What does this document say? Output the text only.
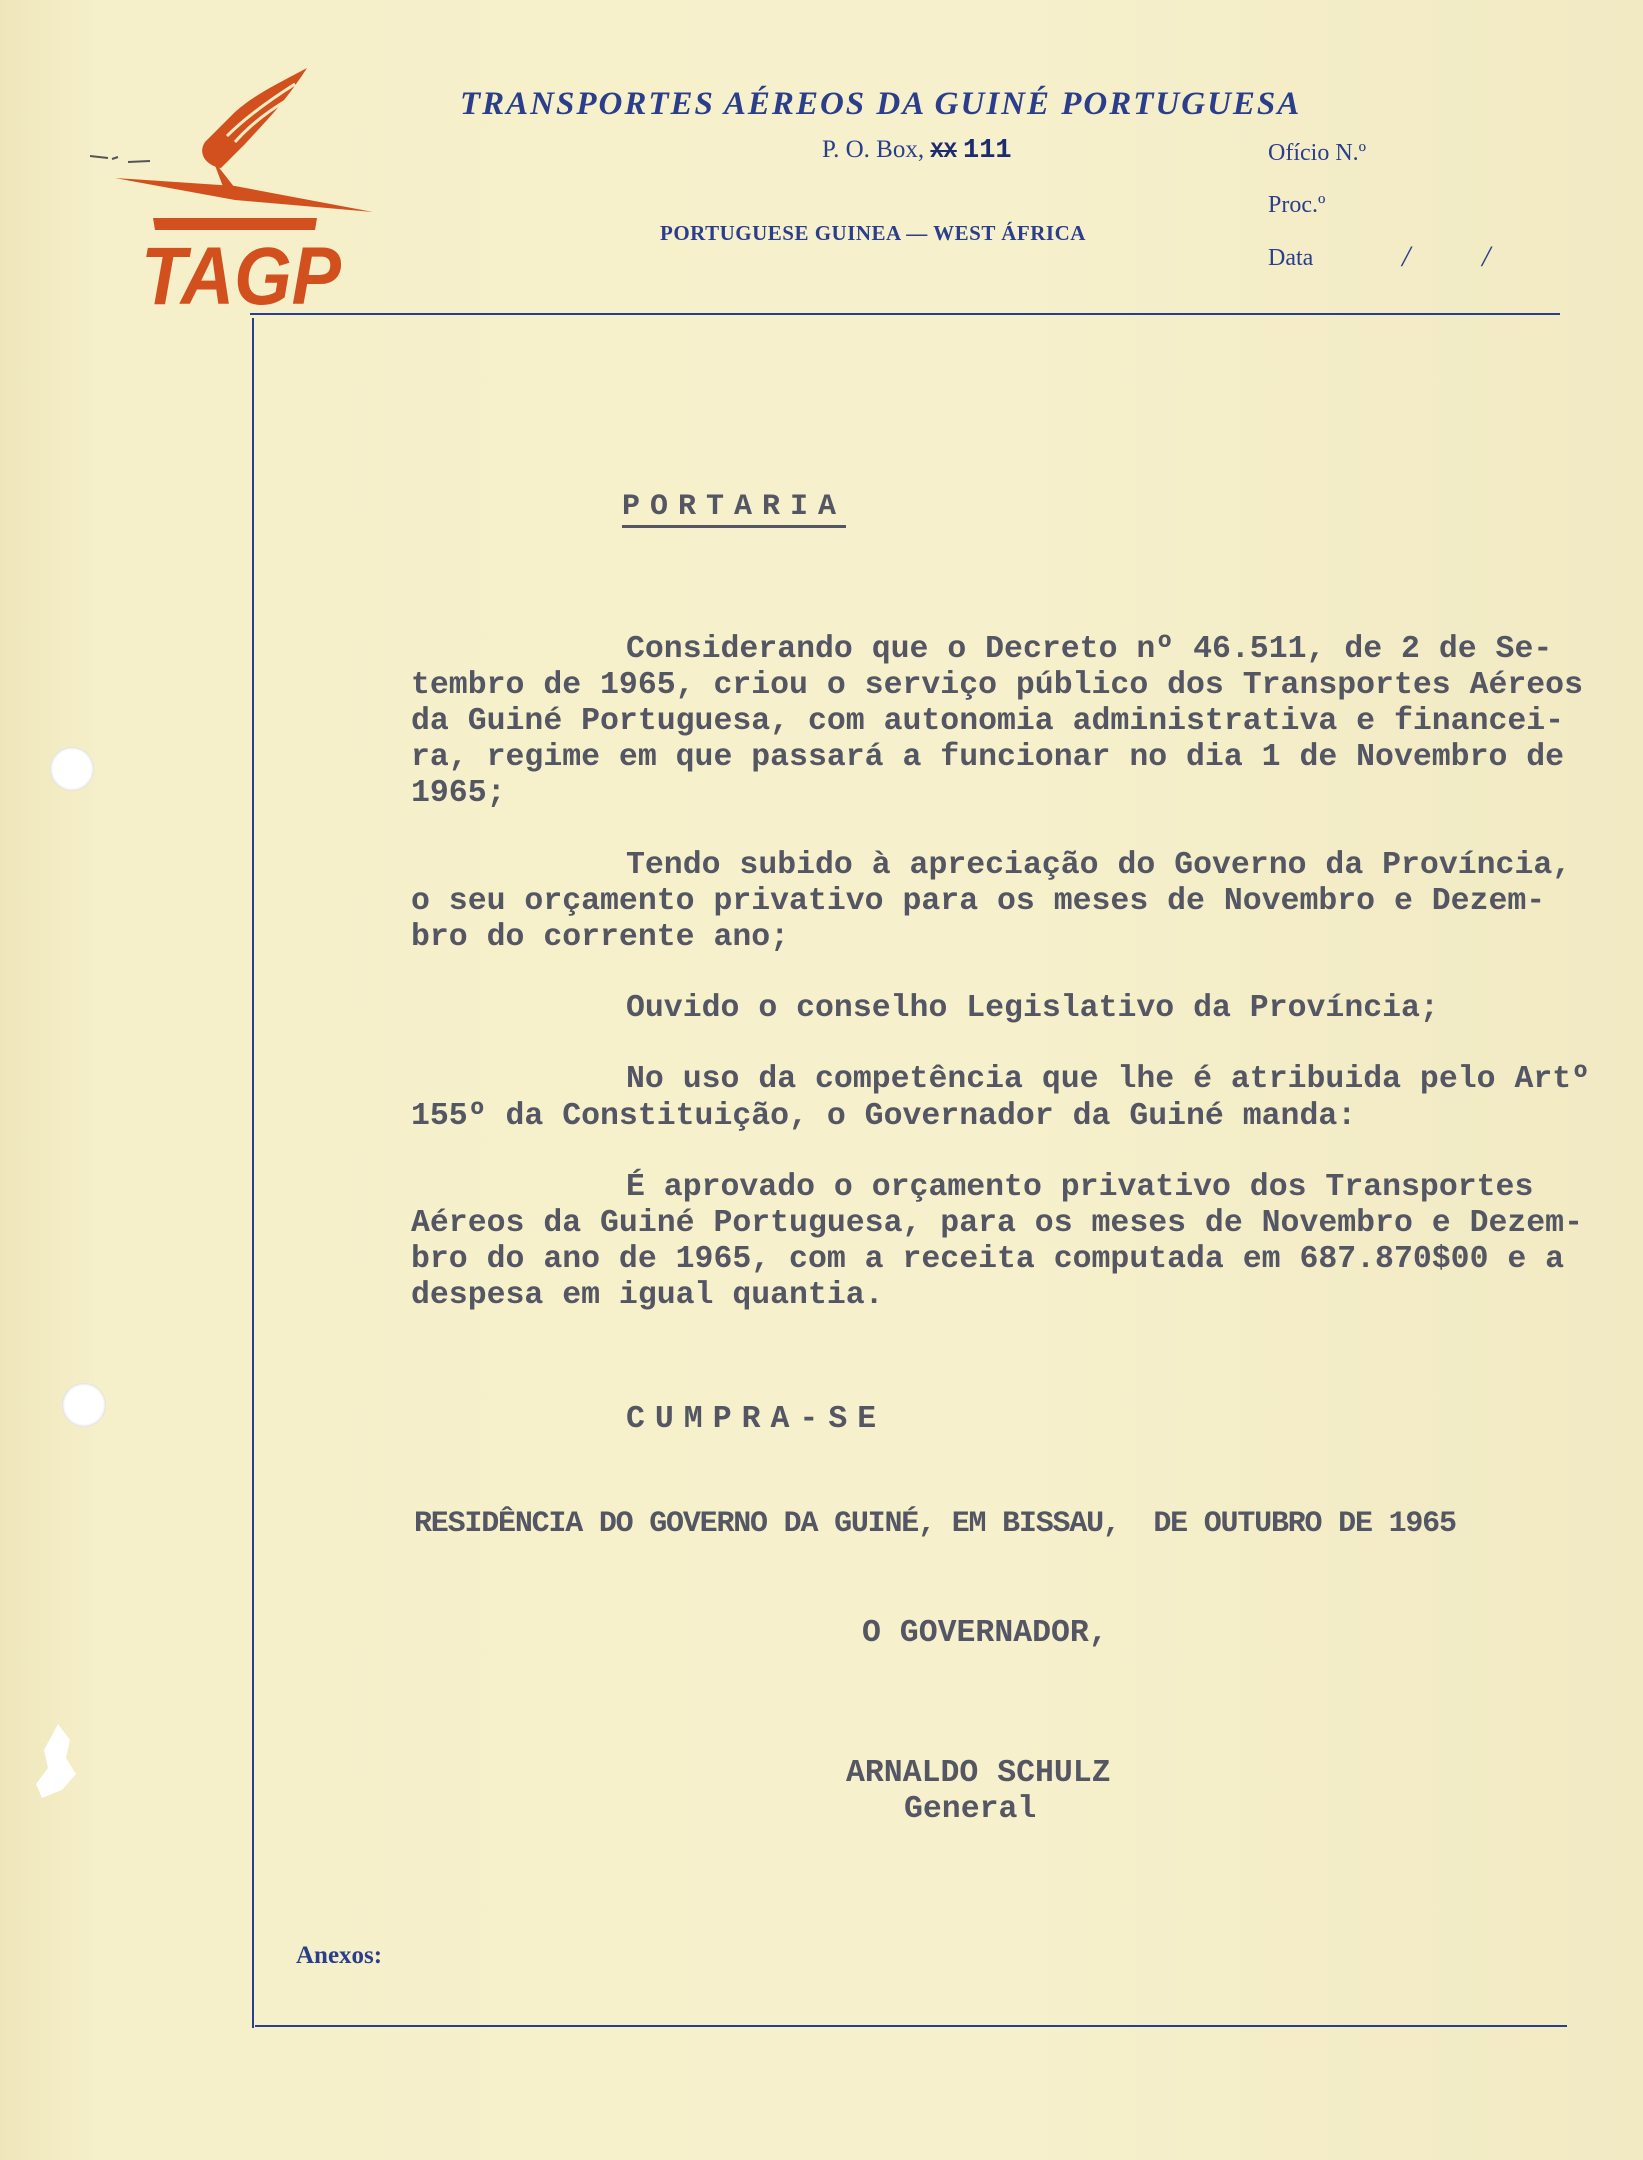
TAGP
TRANSPORTES AÉREOS DA GUINÉ PORTUGUESA
P. O. Box, XX 111
PORTUGUESE GUINEA — WEST ÁFRICA
Ofício N.º
Proc.º
Data	/ /
PORTARIA
Considerando que o Decreto nº 46.511, de 2 de Se-
tembro de 1965, criou o serviço público dos Transportes Aéreos
da Guiné Portuguesa, com autonomia administrativa e financei-
ra, regime em que passará a funcionar no dia 1 de Novembro de
1965;
Tendo subido à apreciação do Governo da Província,
o seu orçamento privativo para os meses de Novembro e Dezem-
bro do corrente ano;
Ouvido o conselho Legislativo da Província;
No uso da competência que lhe é atribuida pelo Artº
155º da Constituição, o Governador da Guiné manda:
É aprovado o orçamento privativo dos Transportes
Aéreos da Guiné Portuguesa, para os meses de Novembro e Dezem-
bro do ano de 1965, com a receita computada em 687.870$00 e a
despesa em igual quantia.
CUMPRA-SE
RESIDÊNCIA DO GOVERNO DA GUINÉ, EM BISSAU,  DE OUTUBRO DE 1965
O GOVERNADOR,
ARNALDO SCHULZ
General
Anexos:
